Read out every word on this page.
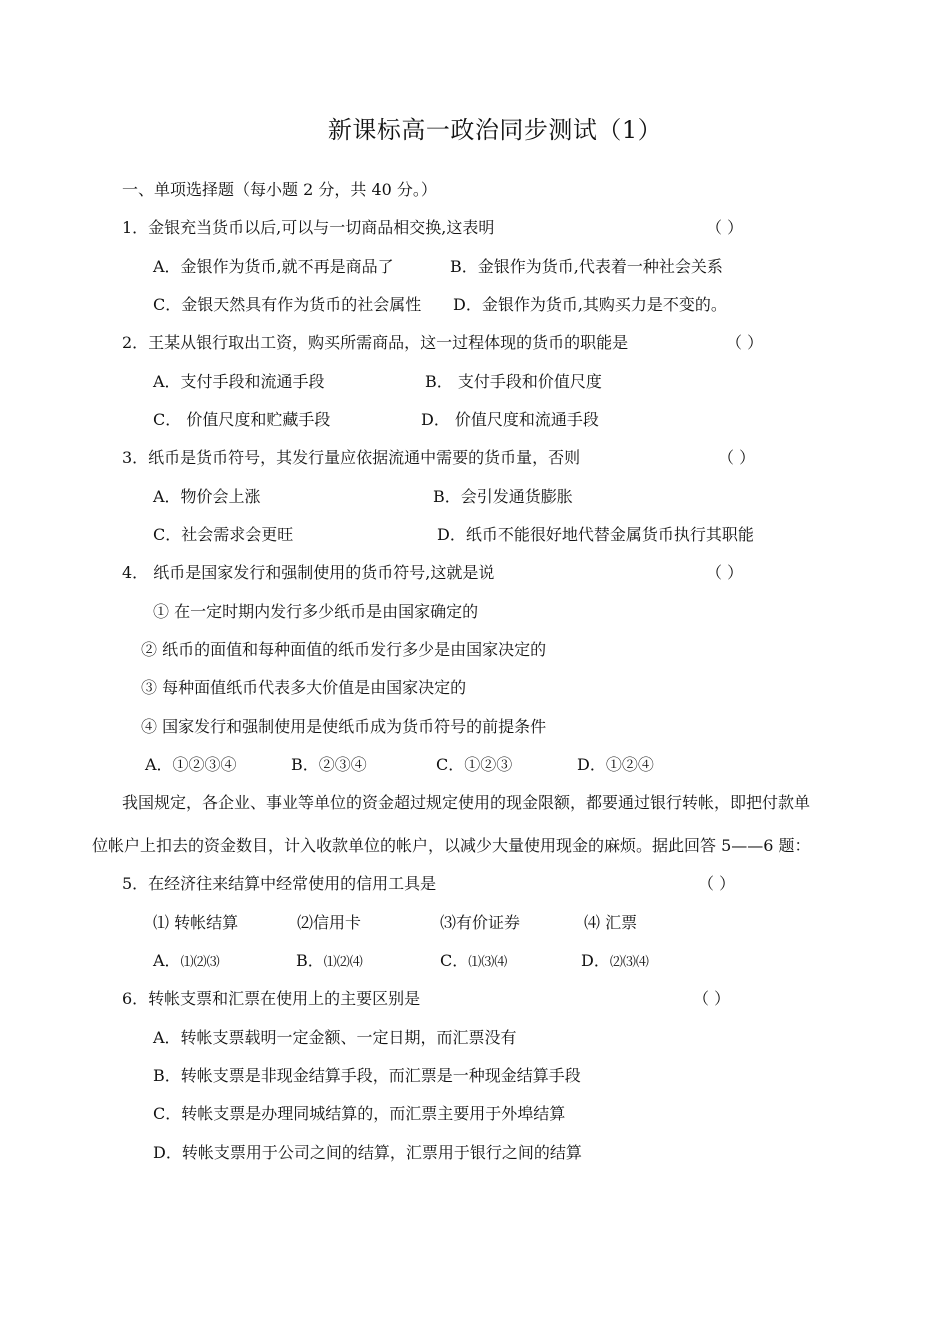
新课标高一政治同步测试（1）
一、单项选择题（每小题 2 分，共 40 分。）
1．金银充当货币以后,可以与一切商品相交换,这表明	（ ）
A．金银作为货币,就不再是商品了	B．金银作为货币,代表着一种社会关系
C．金银天然具有作为货币的社会属性 D．金银作为货币,其购买力是不变的。
2．王某从银行取出工资，购买所需商品，这一过程体现的货币的职能是	（ ）
A．支付手段和流通手段	B． 支付手段和价值尺度
C． 价值尺度和贮藏手段	D． 价值尺度和流通手段
3．纸币是货币符号，其发行量应依据流通中需要的货币量，否则	（ ）
A．物价会上涨	B．会引发通货膨胀
C．社会需求会更旺	D．纸币不能很好地代替金属货币执行其职能
4． 纸币是国家发行和强制使用的货币符号,这就是说	（ ）
① 在一定时期内发行多少纸币是由国家确定的
② 纸币的面值和每种面值的纸币发行多少是由国家决定的
③ 每种面值纸币代表多大价值是由国家决定的
④ 国家发行和强制使用是使纸币成为货币符号的前提条件
A．①②③④	B．②③④	C．①②③	D．①②④
我国规定，各企业、事业等单位的资金超过规定使用的现金限额，都要通过银行转帐，即把付款单
位帐户上扣去的资金数目，计入收款单位的帐户，以减少大量使用现金的麻烦。据此回答 5——6 题：
5．在经济往来结算中经常使用的信用工具是	（ ）
⑴ 转帐结算	⑵信用卡	⑶有价证券	⑷ 汇票
A．⑴⑵⑶	B．⑴⑵⑷	C．⑴⑶⑷	D．⑵⑶⑷
6．转帐支票和汇票在使用上的主要区别是	（ ）
A．转帐支票载明一定金额、一定日期，而汇票没有
B．转帐支票是非现金结算手段，而汇票是一种现金结算手段
C．转帐支票是办理同城结算的，而汇票主要用于外埠结算
D．转帐支票用于公司之间的结算，汇票用于银行之间的结算
